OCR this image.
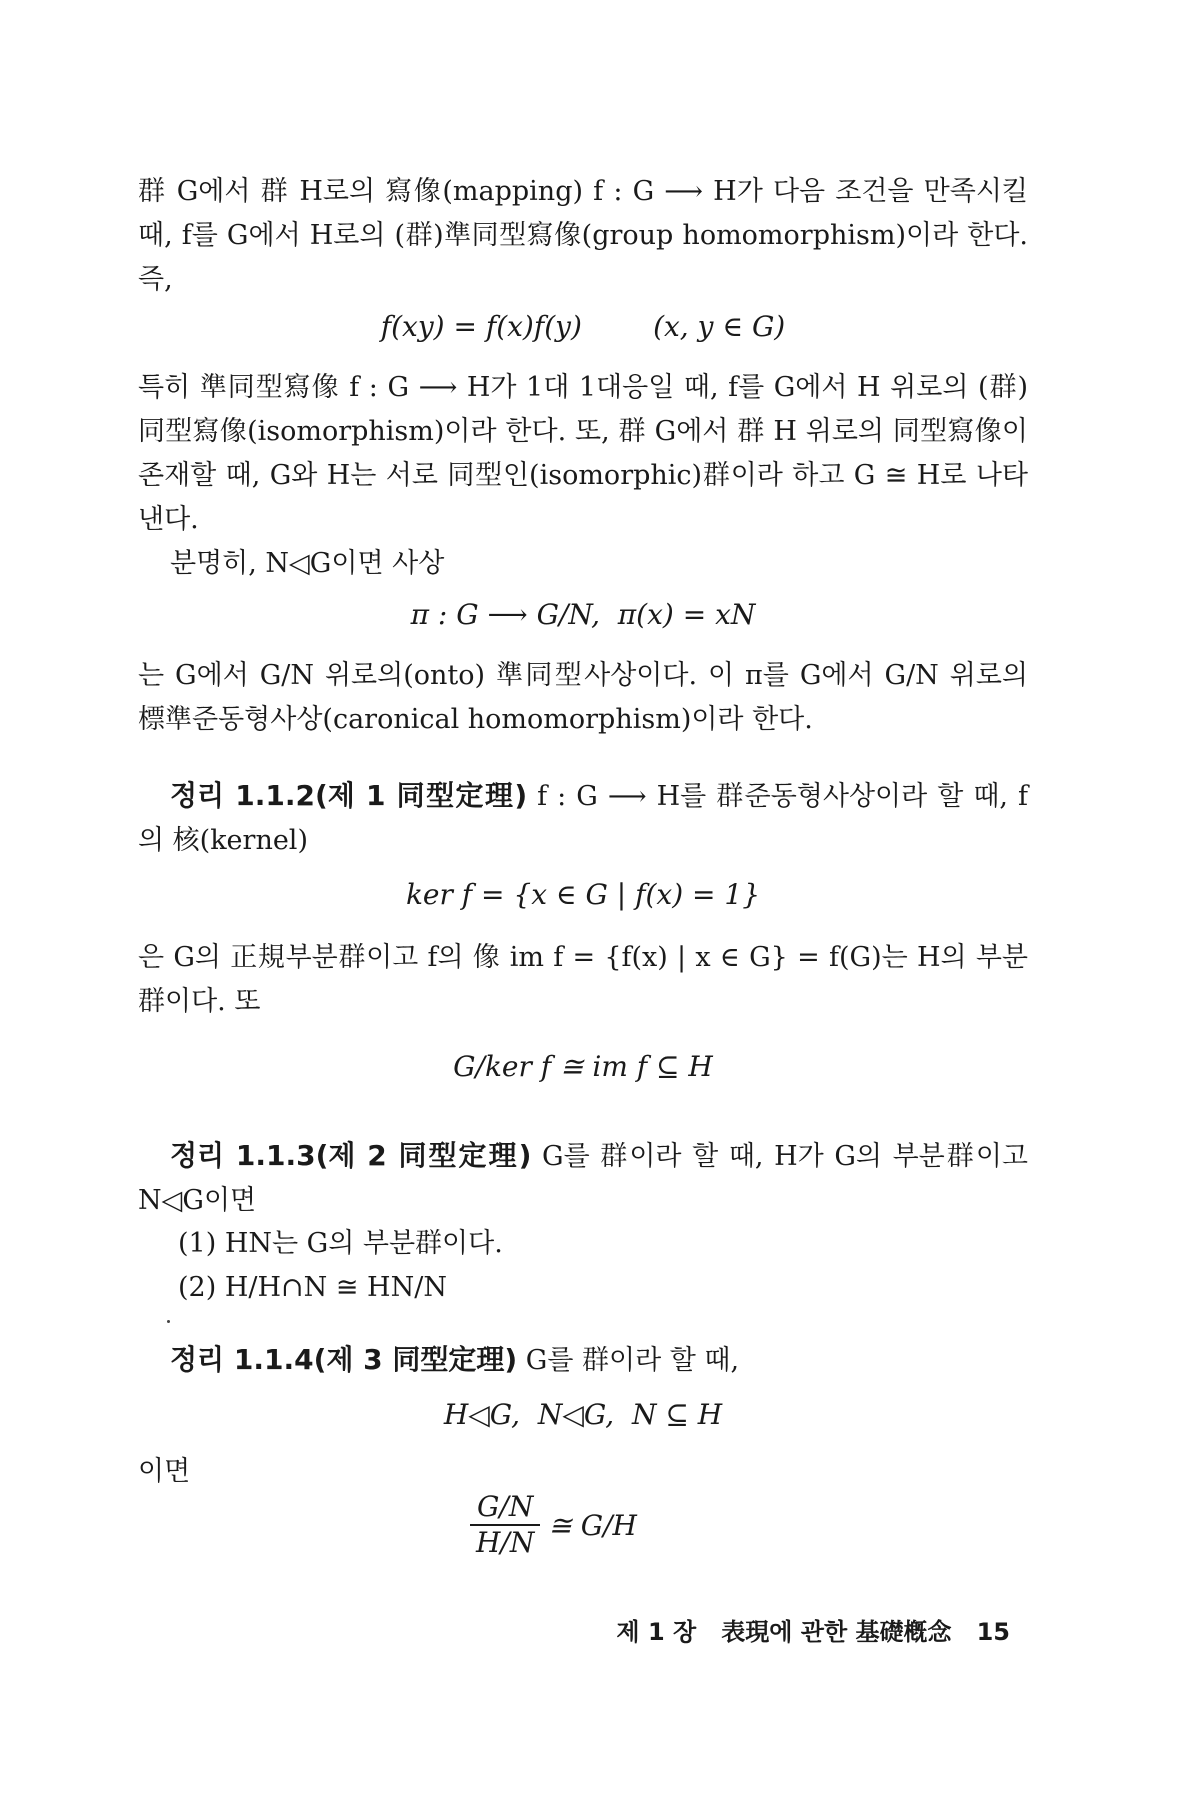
群 G에서 群 H로의 寫像(mapping) f : G ⟶ H가 다음 조건을 만족시킬 때, f를 G에서 H로의 (群)準同型寫像(group homomorphism)이라 한다. 즉,

f(xy) = f(x)f(y)        (x, y ∈ G)

특히 準同型寫像 f : G ⟶ H가 1대 1대응일 때, f를 G에서 H 위로의 (群)同型寫像(isomorphism)이라 한다. 또, 群 G에서 群 H 위로의 同型寫像이 존재할 때, G와 H는 서로 同型인(isomorphic)群이라 하고 G ≅ H로 나타낸다.

분명히, N◁G이면 사상

π : G ⟶ G/N,  π(x) = xN

는 G에서 G/N 위로의(onto) 準同型사상이다. 이 π를 G에서 G/N 위로의 標準준동형사상(caronical homomorphism)이라 한다.

정리 1.1.2(제 1 同型定理) f : G ⟶ H를 群준동형사상이라 할 때, f의 核(kernel)

ker f = {x ∈ G | f(x) = 1}

은 G의 正規부분群이고 f의 像 im f = {f(x) | x ∈ G} = f(G)는 H의 부분群이다. 또

G/ker f ≅ im f ⊆ H

정리 1.1.3(제 2 同型定理) G를 群이라 할 때, H가 G의 부분群이고 N◁G이면

(1) HN는 G의 부분群이다.
(2) H/H∩N ≅ HN/N

정리 1.1.4(제 3 同型定理) G를 群이라 할 때,

H◁G,  N◁G,  N ⊆ H

이면

$\frac{G/N}{H/N}$ ≅ G/H
제 1 장   表現에 관한 基礎槪念   15
